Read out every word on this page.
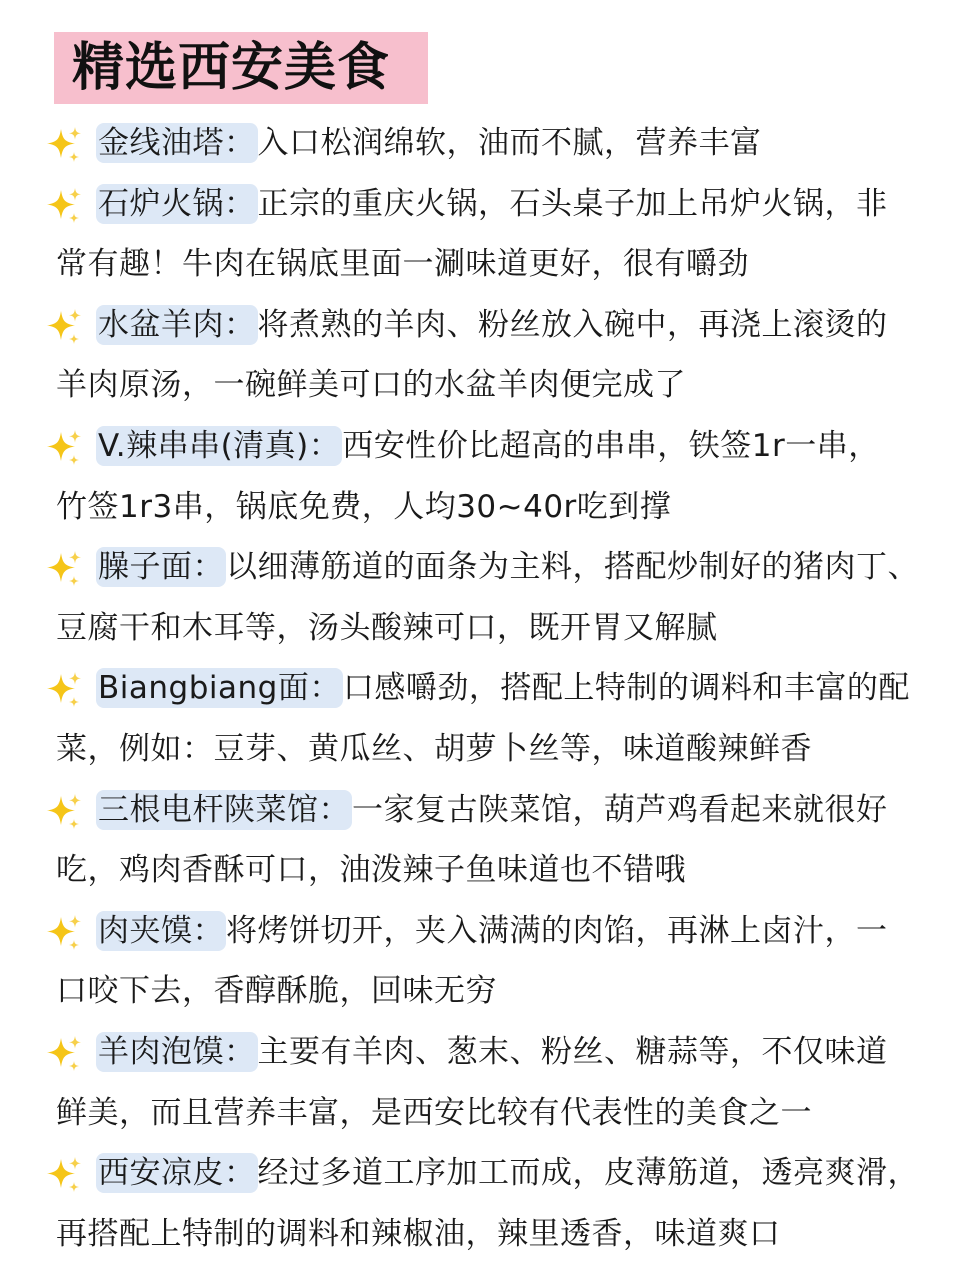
精选西安美食
金线油塔：入口松润绵软，油而不腻，营养丰富
石炉火锅：正宗的重庆火锅，石头桌子加上吊炉火锅，非
常有趣！牛肉在锅底里面一涮味道更好，很有嚼劲
水盆羊肉：将煮熟的羊肉、粉丝放入碗中，再浇上滚烫的
羊肉原汤，一碗鲜美可口的水盆羊肉便完成了
V.辣串串(清真)：西安性价比超高的串串，铁签1r一串，
竹签1r3串，锅底免费，人均30~40r吃到撑
臊子面：以细薄筋道的面条为主料，搭配炒制好的猪肉丁、
豆腐干和木耳等，汤头酸辣可口，既开胃又解腻
Biangbiang面：口感嚼劲，搭配上特制的调料和丰富的配
菜，例如：豆芽、黄瓜丝、胡萝卜丝等，味道酸辣鲜香
三根电杆陕菜馆：一家复古陕菜馆，葫芦鸡看起来就很好
吃，鸡肉香酥可口，油泼辣子鱼味道也不错哦
肉夹馍：将烤饼切开，夹入满满的肉馅，再淋上卤汁，一
口咬下去，香醇酥脆，回味无穷
羊肉泡馍：主要有羊肉、葱末、粉丝、糖蒜等，不仅味道
鲜美，而且营养丰富，是西安比较有代表性的美食之一
西安凉皮：经过多道工序加工而成，皮薄筋道，透亮爽滑，
再搭配上特制的调料和辣椒油，辣里透香，味道爽口
